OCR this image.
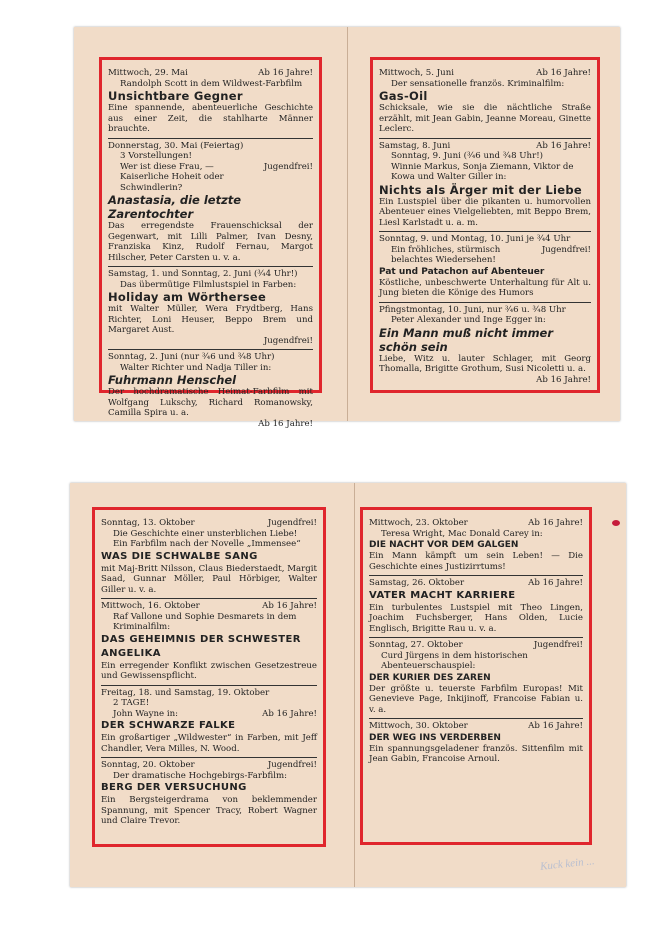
Mittwoch, 29. Mai	Ab 16 Jahre!
Randolph Scott in dem Wildwest-Farbfilm
Unsichtbare Gegner
Eine spannende, abenteuerliche Geschichte aus einer Zeit, die stahlharte Männer brauchte.
Donnerstag, 30. Mai (Feiertag)
3 Vorstellungen!
Wer ist diese Frau, — Kaiserliche Hoheit oder Schwindlerin?
Jugendfrei!
Anastasia, die letzte Zarentochter
Das erregendste Frauenschicksal der Gegenwart, mit Lilli Palmer, Ivan Desny, Franziska Kinz, Rudolf Fernau, Margot Hilscher, Peter Carsten u. v. a.
Samstag, 1. und Sonntag, 2. Juni (¾4 Uhr!)
Das übermütige Filmlustspiel in Farben:
Holiday am Wörthersee
mit Walter Müller, Wera Frydtberg, Hans Richter, Loni Heuser, Beppo Brem und Margaret Aust.
Jugendfrei!
Sonntag, 2. Juni (nur ¾6 und ¾8 Uhr)
Walter Richter und Nadja Tiller in:
Fuhrmann Henschel
Der hochdramatische Heimat-Farbfilm mit Wolfgang Lukschy, Richard Romanowsky, Camilla Spira u. a.
Ab 16 Jahre!
Mittwoch, 5. Juni	Ab 16 Jahre!
Der sensationelle französ. Kriminalfilm:
Gas-Oil
Schicksale, wie sie die nächtliche Straße erzählt, mit Jean Gabin, Jeanne Moreau, Ginette Leclerc.
Samstag, 8. Juni	Ab 16 Jahre!
Sonntag, 9. Juni (¾6 und ¾8 Uhr!)
Winnie Markus, Sonja Ziemann, Viktor de Kowa und Walter Giller in:
Nichts als Ärger mit der Liebe
Ein Lustspiel über die pikanten u. humorvollen Abenteuer eines Vielgeliebten, mit Beppo Brem, Liesl Karlstadt u. a. m.
Sonntag, 9. und Montag, 10. Juni je ¾4 Uhr
Ein fröhliches, stürmisch belachtes Wiedersehen!
Jugendfrei!
Pat und Patachon auf Abenteuer
Köstliche, unbeschwerte Unterhaltung für Alt u. Jung bieten die Könige des Humors
Pfingstmontag, 10. Juni, nur ¾6 u. ¾8 Uhr
Peter Alexander und Inge Egger in:
Ein Mann muß nicht immer schön sein
Liebe, Witz u. lauter Schlager, mit Georg Thomalla, Brigitte Grothum, Susi Nicoletti u. a.
Ab 16 Jahre!
Sonntag, 13. Oktober	Jugendfrei!
Die Geschichte einer unsterblichen Liebe!
Ein Farbfilm nach der Novelle „Immensee“
WAS DIE SCHWALBE SANG
mit Maj-Britt Nilsson, Claus Biederstaedt, Margit Saad, Gunnar Möller, Paul Hörbiger, Walter Giller u. v. a.
Mittwoch, 16. Oktober	Ab 16 Jahre!
Raf Vallone und Sophie Desmarets in dem Kriminalfilm:
DAS GEHEIMNIS DER SCHWESTER ANGELIKA
Ein erregender Konflikt zwischen Gesetzestreue und Gewissenspflicht.
Freitag, 18. und Samstag, 19. Oktober
2 TAGE!
John Wayne in:	Ab 16 Jahre!
DER SCHWARZE FALKE
Ein großartiger „Wildwester“ in Farben, mit Jeff Chandler, Vera Milles, N. Wood.
Sonntag, 20. Oktober	Jugendfrei!
Der dramatische Hochgebirgs-Farbfilm:
BERG DER VERSUCHUNG
Ein Bergsteigerdrama von beklemmender Spannung, mit Spencer Tracy, Robert Wagner und Claire Trevor.
Mittwoch, 23. Oktober	Ab 16 Jahre!
Teresa Wright, Mac Donald Carey in:
DIE NACHT VOR DEM GALGEN
Ein Mann kämpft um sein Leben! — Die Geschichte eines Justizirrtums!
Samstag, 26. Oktober	Ab 16 Jahre!
VATER MACHT KARRIERE
Ein turbulentes Lustspiel mit Theo Lingen, Joachim Fuchsberger, Hans Olden, Lucie Englisch, Brigitte Rau u. v. a.
Sonntag, 27. Oktober	Jugendfrei!
Curd Jürgens in dem historischen Abenteuerschauspiel:
DER KURIER DES ZAREN
Der größte u. teuerste Farbfilm Europas! Mit Genevieve Page, Inkijinoff, Francoise Fabian u. v. a.
Mittwoch, 30. Oktober	Ab 16 Jahre!
DER WEG INS VERDERBEN
Ein spannungsgeladener französ. Sittenfilm mit Jean Gabin, Francoise Arnoul.
Kuck kein ...
